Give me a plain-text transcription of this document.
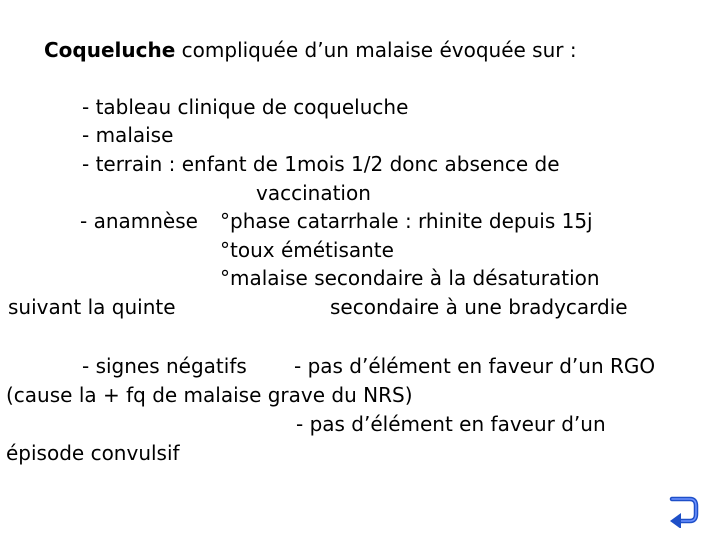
Coqueluche compliquée d’un malaise évoquée sur :
- tableau clinique de coqueluche
- malaise
- terrain : enfant de 1mois 1/2 donc absence de
vaccination
- anamnèse °phase catarrhale : rhinite depuis 15j
°toux émétisante
°malaise secondaire à la désaturation
suivant la quinte	secondaire à une bradycardie
- signes négatifs - pas d’élément en faveur d’un RGO
(cause la + fq de malaise grave du NRS)
- pas d’élément en faveur d’un
épisode convulsif
